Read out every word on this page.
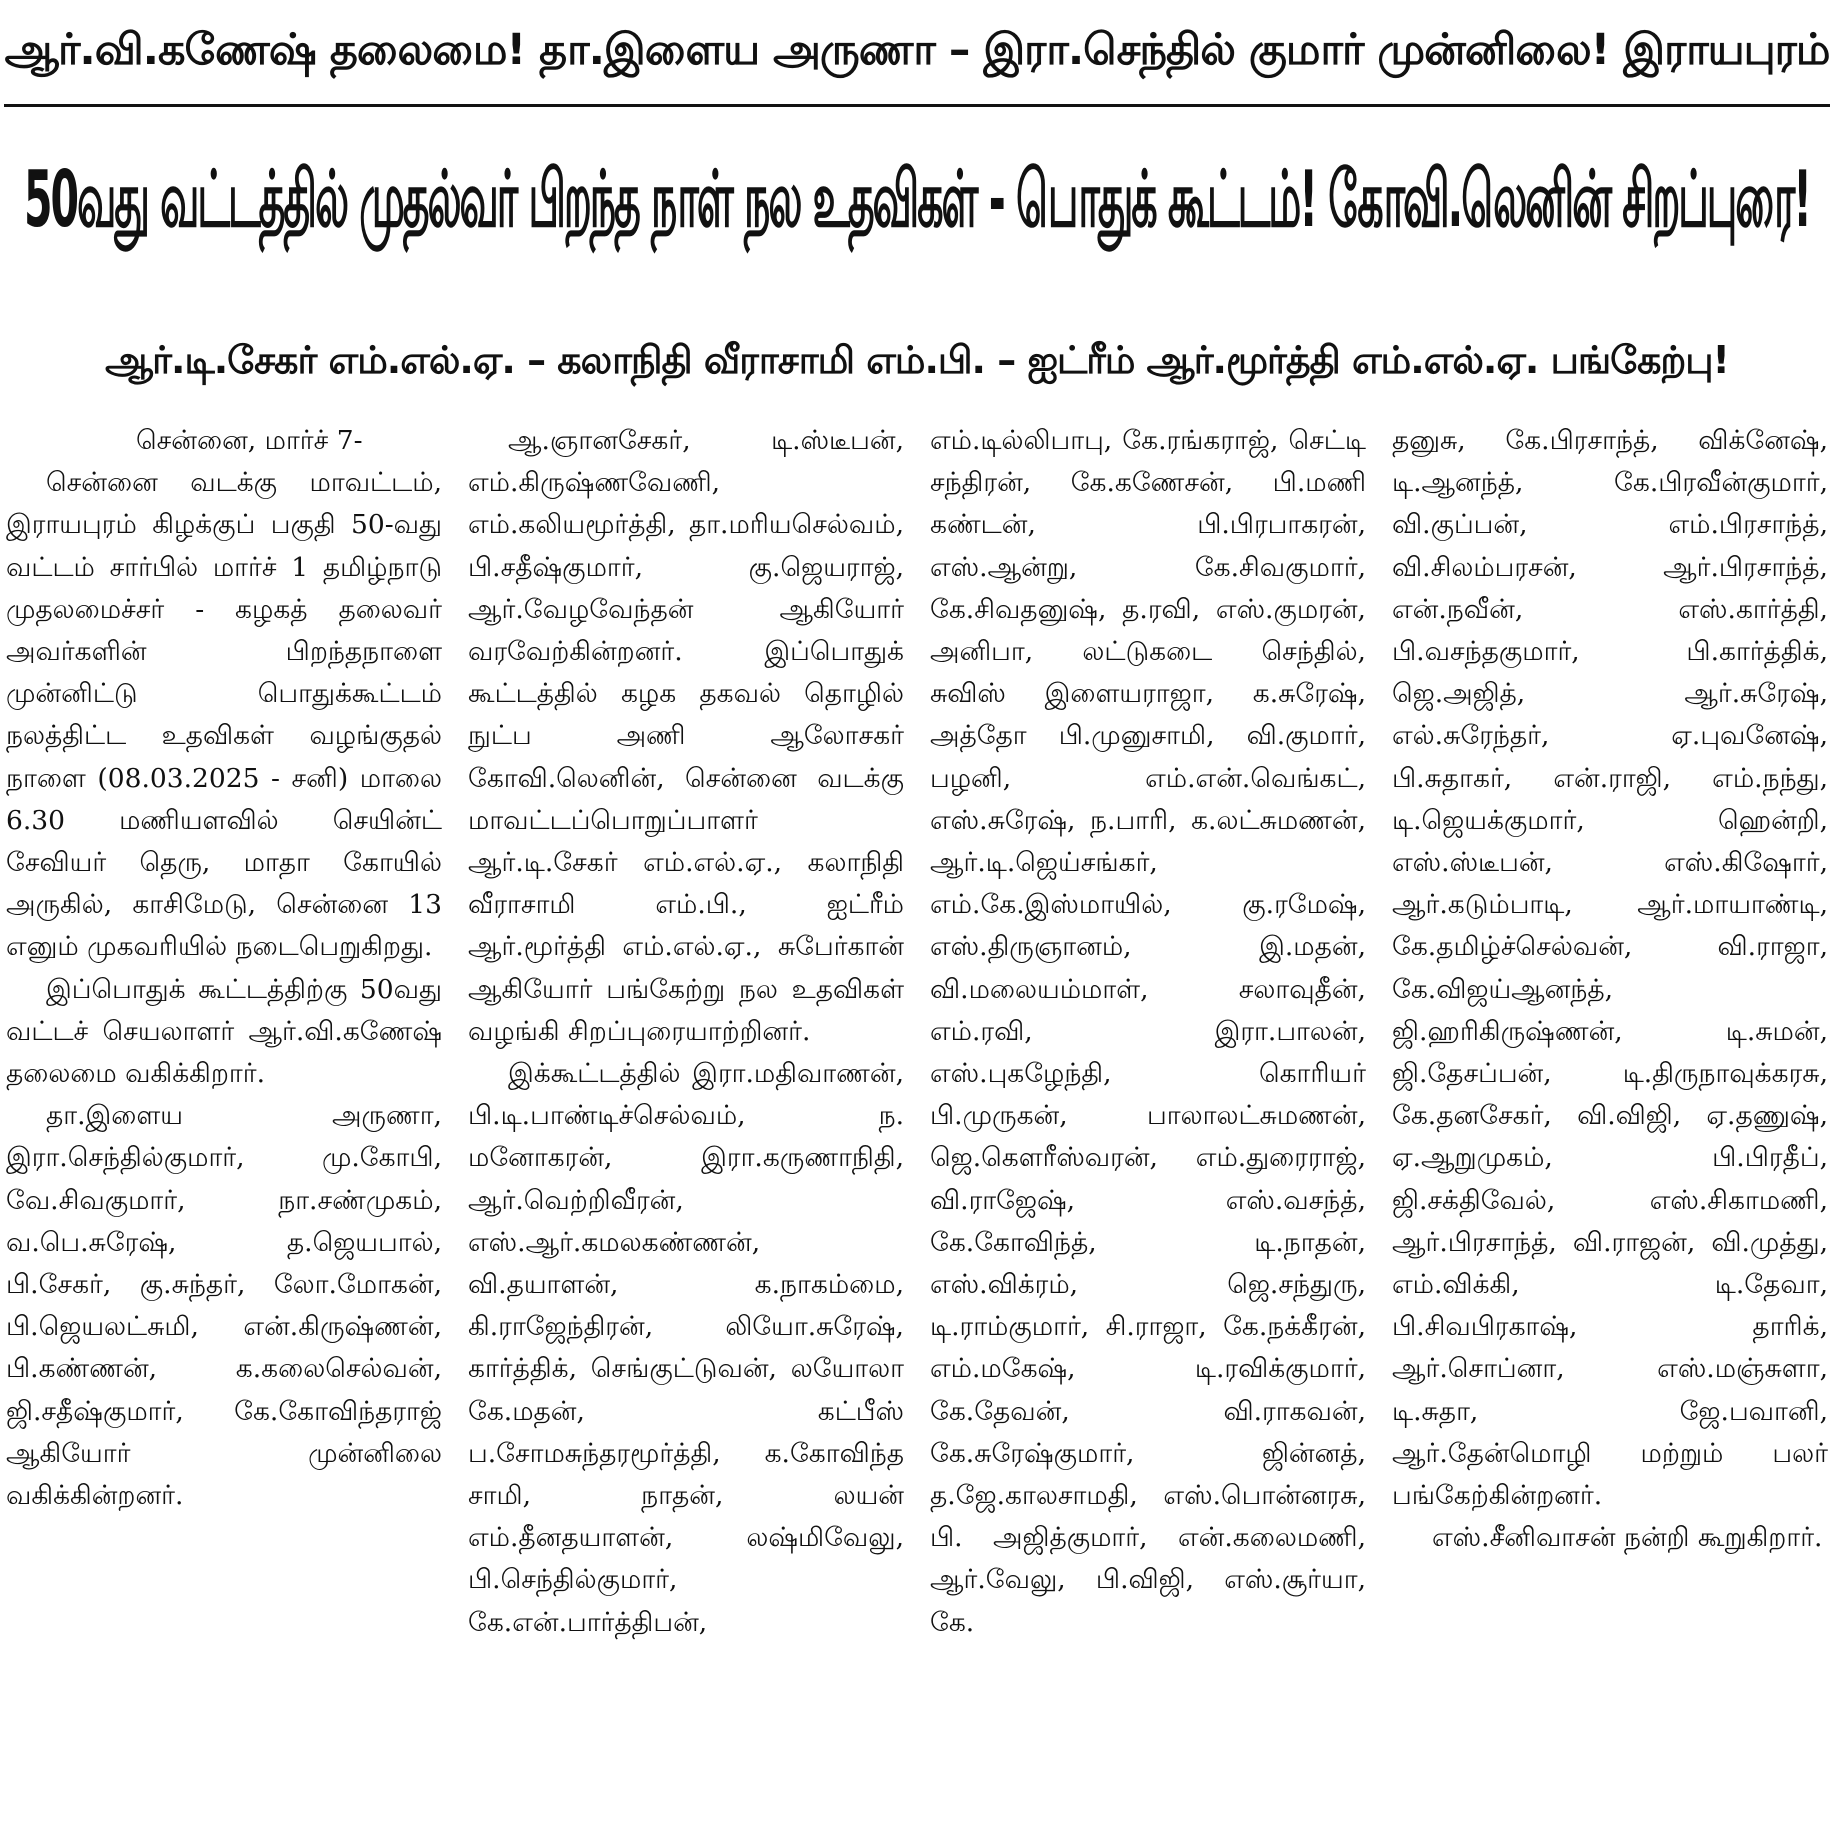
ஆர்.வி.கணேஷ் தலைமை! தா.இளைய அருணா – இரா.செந்தில் குமார் முன்னிலை! இராயபுரம்
50வது வட்டத்தில் முதல்வர் பிறந்த நாள் நல உதவிகள் - பொதுக் கூட்டம்! கோவி.லெனின் சிறப்புரை!
ஆர்.டி.சேகர் எம்.எல்.ஏ. – கலாநிதி வீராசாமி எம்.பி. – ஐட்ரீம் ஆர்.மூர்த்தி எம்.எல்.ஏ. பங்கேற்பு!

சென்னை, மார்ச் 7-

சென்னை வடக்கு மாவட்டம், இராயபுரம் கிழக்குப் பகுதி 50-வது வட்டம் சார்பில் மார்ச் 1 தமிழ்நாடு முதலமைச்சர் - கழகத் தலைவர் அவர்களின் பிறந்தநாளை முன்னிட்டு பொதுக்கூட்டம் நலத்திட்ட உதவிகள் வழங்குதல் நாளை (08.03.2025 - சனி) மாலை 6.30 மணியளவில் செயின்ட் சேவியர் தெரு, மாதா கோயில் அருகில், காசிமேடு, சென்னை 13 எனும் முகவரியில் நடைபெறுகிறது.

இப்பொதுக் கூட்டத்திற்கு 50வது வட்டச் செயலாளர் ஆர்.வி.கணேஷ் தலைமை வகிக்கிறார்.

தா.இளைய அருணா, இரா.செந்தில்குமார், மு.கோபி, வே.சிவகுமார், நா.சண்முகம், வ.பெ.சுரேஷ், த.ஜெயபால், பி.சேகர், கு.சுந்தர், லோ.மோகன், பி.ஜெயலட்சுமி, என்.கிருஷ்ணன், பி.கண்ணன், க.கலைசெல்வன், ஜி.சதீஷ்குமார், கே.கோவிந்தராஜ் ஆகியோர் முன்னிலை வகிக்கின்றனர்.

ஆ.ஞானசேகர், டி.ஸ்டீபன், எம்.கிருஷ்ணவேணி, எம்.கலியமூர்த்தி, தா.மரியசெல்வம், பி.சதீஷ்குமார், கு.ஜெயராஜ், ஆர்.வேழவேந்தன் ஆகியோர் வரவேற்கின்றனர். இப்பொதுக் கூட்டத்தில் கழக தகவல் தொழில் நுட்ப அணி ஆலோசகர் கோவி.லெனின், சென்னை வடக்கு மாவட்டப்பொறுப்பாளர் ஆர்.டி.சேகர் எம்.எல்.ஏ., கலாநிதி வீராசாமி எம்.பி., ஐட்ரீம் ஆர்.மூர்த்தி எம்.எல்.ஏ., சுபேர்கான் ஆகியோர் பங்கேற்று நல உதவிகள் வழங்கி சிறப்புரையாற்றினர்.

இக்கூட்டத்தில் இரா.மதிவாணன், பி.டி.பாண்டிச்செல்வம், ந. மனோகரன், இரா.கருணாநிதி, ஆர்.வெற்றிவீரன், எஸ்.ஆர்.கமலகண்ணன், வி.தயாளன், க.நாகம்மை, கி.ராஜேந்திரன், லியோ.சுரேஷ், கார்த்திக், செங்குட்டுவன், லயோலா கே.மதன், கட்பீஸ் ப.சோமசுந்தரமூர்த்தி, க.கோவிந்த சாமி, நாதன், லயன் எம்.தீனதயாளன், லஷ்மிவேலு, பி.செந்தில்குமார், கே.என்.பார்த்திபன்,

எம்.டில்லிபாபு, கே.ரங்கராஜ், செட்டி சந்திரன், கே.கணேசன், பி.மணி கண்டன், பி.பிரபாகரன், எஸ்.ஆன்று, கே.சிவகுமார், கே.சிவதனுஷ், த.ரவி, எஸ்.குமரன், அனிபா, லட்டுகடை செந்தில், சுவிஸ் இளையராஜா, க.சுரேஷ், அத்தோ பி.முனுசாமி, வி.குமார், பழனி, எம்.என்.வெங்கட், எஸ்.சுரேஷ், ந.பாரி, க.லட்சுமணன், ஆர்.டி.ஜெய்சங்கர், எம்.கே.இஸ்மாயில், கு.ரமேஷ், எஸ்.திருஞானம், இ.மதன், வி.மலையம்மாள், சலாவுதீன், எம்.ரவி, இரா.பாலன், எஸ்.புகழேந்தி, கொரியர் பி.முருகன், பாலாலட்சுமணன், ஜெ.கௌரீஸ்வரன், எம்.துரைராஜ், வி.ராஜேஷ், எஸ்.வசந்த், கே.கோவிந்த், டி.நாதன், எஸ்.விக்ரம், ஜெ.சந்துரு, டி.ராம்குமார், சி.ராஜா, கே.நக்கீரன், எம்.மகேஷ், டி.ரவிக்குமார், கே.தேவன், வி.ராகவன், கே.சுரேஷ்குமார், ஜின்னத், த.ஜே.காலசாமதி, எஸ்.பொன்னரசு, பி. அஜித்குமார், என்.கலைமணி, ஆர்.வேலு, பி.விஜி, எஸ்.சூர்யா, கே.

தனுசு, கே.பிரசாந்த், விக்னேஷ், டி.ஆனந்த், கே.பிரவீன்குமார், வி.குப்பன், எம்.பிரசாந்த், வி.சிலம்பரசன், ஆர்.பிரசாந்த், என்.நவீன், எஸ்.கார்த்தி, பி.வசந்தகுமார், பி.கார்த்திக், ஜெ.அஜித், ஆர்.சுரேஷ், எல்.சுரேந்தர், ஏ.புவனேஷ், பி.சுதாகர், என்.ராஜி, எம்.நந்து, டி.ஜெயக்குமார், ஹென்றி, எஸ்.ஸ்டீபன், எஸ்.கிஷோர், ஆர்.கடும்பாடி, ஆர்.மாயாண்டி, கே.தமிழ்ச்செல்வன், வி.ராஜா, கே.விஜய்ஆனந்த், ஜி.ஹரிகிருஷ்ணன், டி.சுமன், ஜி.தேசப்பன், டி.திருநாவுக்கரசு, கே.தனசேகர், வி.விஜி, ஏ.தணுஷ், ஏ.ஆறுமுகம், பி.பிரதீப், ஜி.சக்திவேல், எஸ்.சிகாமணி, ஆர்.பிரசாந்த், வி.ராஜன், வி.முத்து, எம்.விக்கி, டி.தேவா, பி.சிவபிரகாஷ், தாரிக், ஆர்.சொப்னா, எஸ்.மஞ்சுளா, டி.சுதா, ஜே.பவானி, ஆர்.தேன்மொழி மற்றும் பலர் பங்கேற்கின்றனர்.

எஸ்.சீனிவாசன் நன்றி கூறுகிறார்.
